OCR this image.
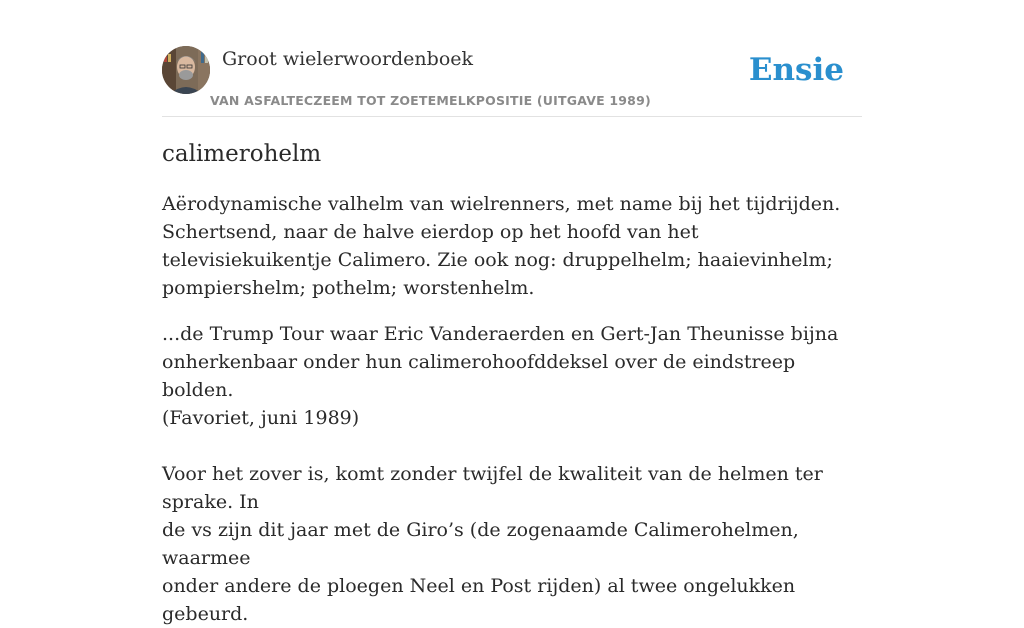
Groot wielerwoordenboek
VAN ASFALTECZEEM TOT ZOETEMELKPOSITIE (UITGAVE 1989)
Ensie
calimerohelm

Aërodynamische valhelm van wielrenners, met name bij het tijdrijden. Schertsend, naar de halve eierdop op het hoofd van het televisiekuikentje Calimero. Zie ook nog: druppelhelm; haaievinhelm; pompiershelm; pothelm; worstenhelm.

...de Trump Tour waar Eric Vanderaerden en Gert-Jan Theunisse bijna
onherkenbaar onder hun calimerohoofddeksel over de eindstreep bolden.
(Favoriet, juni 1989)
Voor het zover is, komt zonder twijfel de kwaliteit van de helmen ter sprake. In
de vs zijn dit jaar met de Giro’s (de zogenaamde Calimerohelmen, waarmee
onder andere de ploegen Neel en Post rijden) al twee ongelukken gebeurd.
